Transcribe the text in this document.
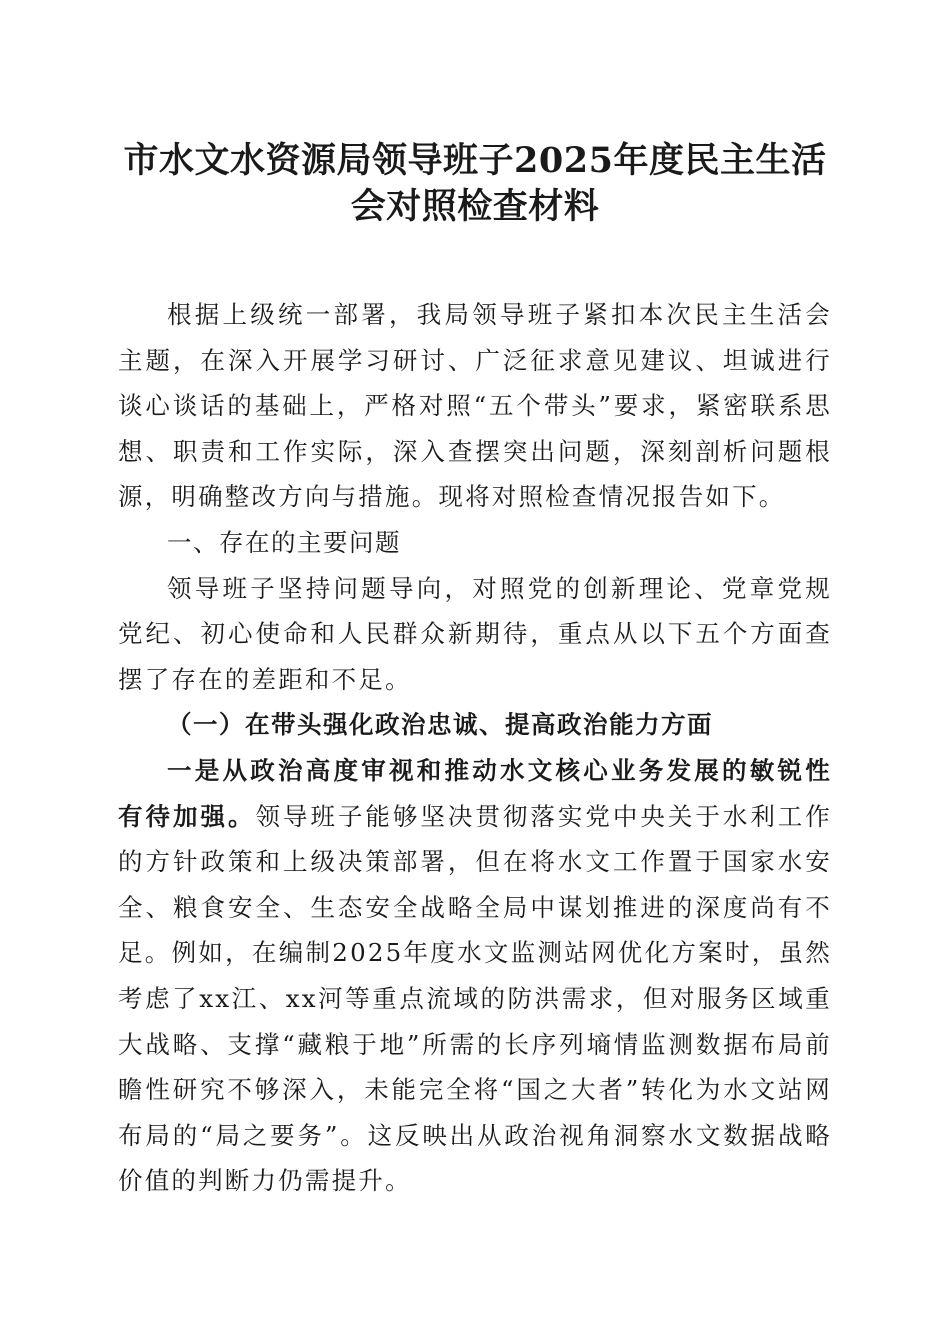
市水文水资源局领导班子2025年度民主生活会对照检查材料

根据上级统一部署，我局领导班子紧扣本次民主生活会主题，在深入开展学习研讨、广泛征求意见建议、坦诚进行谈心谈话的基础上，严格对照“五个带头”要求，紧密联系思想、职责和工作实际，深入查摆突出问题，深刻剖析问题根源，明确整改方向与措施。现将对照检查情况报告如下。

一、存在的主要问题

领导班子坚持问题导向，对照党的创新理论、党章党规党纪、初心使命和人民群众新期待，重点从以下五个方面查摆了存在的差距和不足。

（一）在带头强化政治忠诚、提高政治能力方面

一是从政治高度审视和推动水文核心业务发展的敏锐性有待加强。领导班子能够坚决贯彻落实党中央关于水利工作的方针政策和上级决策部署，但在将水文工作置于国家水安全、粮食安全、生态安全战略全局中谋划推进的深度尚有不足。例如，在编制2025年度水文监测站网优化方案时，虽然考虑了xx江、xx河等重点流域的防洪需求，但对服务区域重大战略、支撑“藏粮于地”所需的长序列墒情监测数据布局前瞻性研究不够深入，未能完全将“国之大者”转化为水文站网布局的“局之要务”。这反映出从政治视角洞察水文数据战略价值的判断力仍需提升。
